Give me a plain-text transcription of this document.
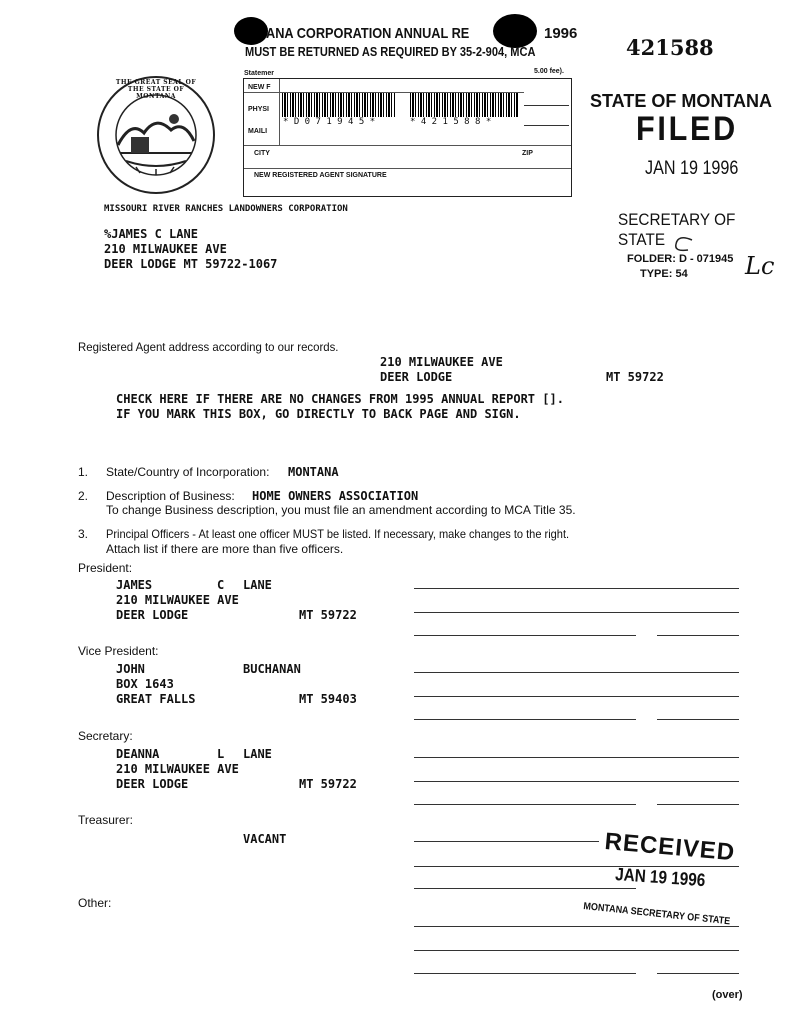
ANA CORPORATION ANNUAL RE	1996
MUST BE RETURNED AS REQUIRED BY 35-2-904, MCA	421588
Statemer	5.00 fee).
NEW F
PHYSI
MAILI
CITY	ZIP
NEW REGISTERED AGENT SIGNATURE
* D 0 7 1 9 4 5 *	* 4 2 1 5 8 8 *
THE GREAT SEAL OF THE STATE OF MONTANA	STATE OF MONTANA
FILED
JAN 19 1996
SECRETARY OF STATE
FOLDER: D - 071945
TYPE: 54 Lc
MISSOURI RIVER RANCHES LANDOWNERS CORPORATION
%JAMES C LANE
210 MILWAUKEE AVE
DEER LODGE MT 59722-1067
Registered Agent address according to our records.
210 MILWAUKEE AVE
DEER LODGE	MT 59722
CHECK HERE IF THERE ARE NO CHANGES FROM 1995 ANNUAL REPORT [].
IF YOU MARK THIS BOX, GO DIRECTLY TO BACK PAGE AND SIGN.
1. State/Country of Incorporation: MONTANA
2. Description of Business: HOME OWNERS ASSOCIATION
To change Business description, you must file an amendment according to MCA Title 35.
3. Principal Officers - At least one officer MUST be listed. If necessary, make changes to the right.
Attach list if there are more than five officers.
President:
JAMES	C LANE
210 MILWAUKEE AVE
DEER LODGE	MT 59722
Vice President:
JOHN	BUCHANAN
BOX 1643
GREAT FALLS	MT 59403
Secretary:
DEANNA	L LANE
210 MILWAUKEE AVE
DEER LODGE	MT 59722
Treasurer:
VACANT	RECEIVED
JAN 19 1996
MONTANA SECRETARY OF STATE
Other:
(over)
